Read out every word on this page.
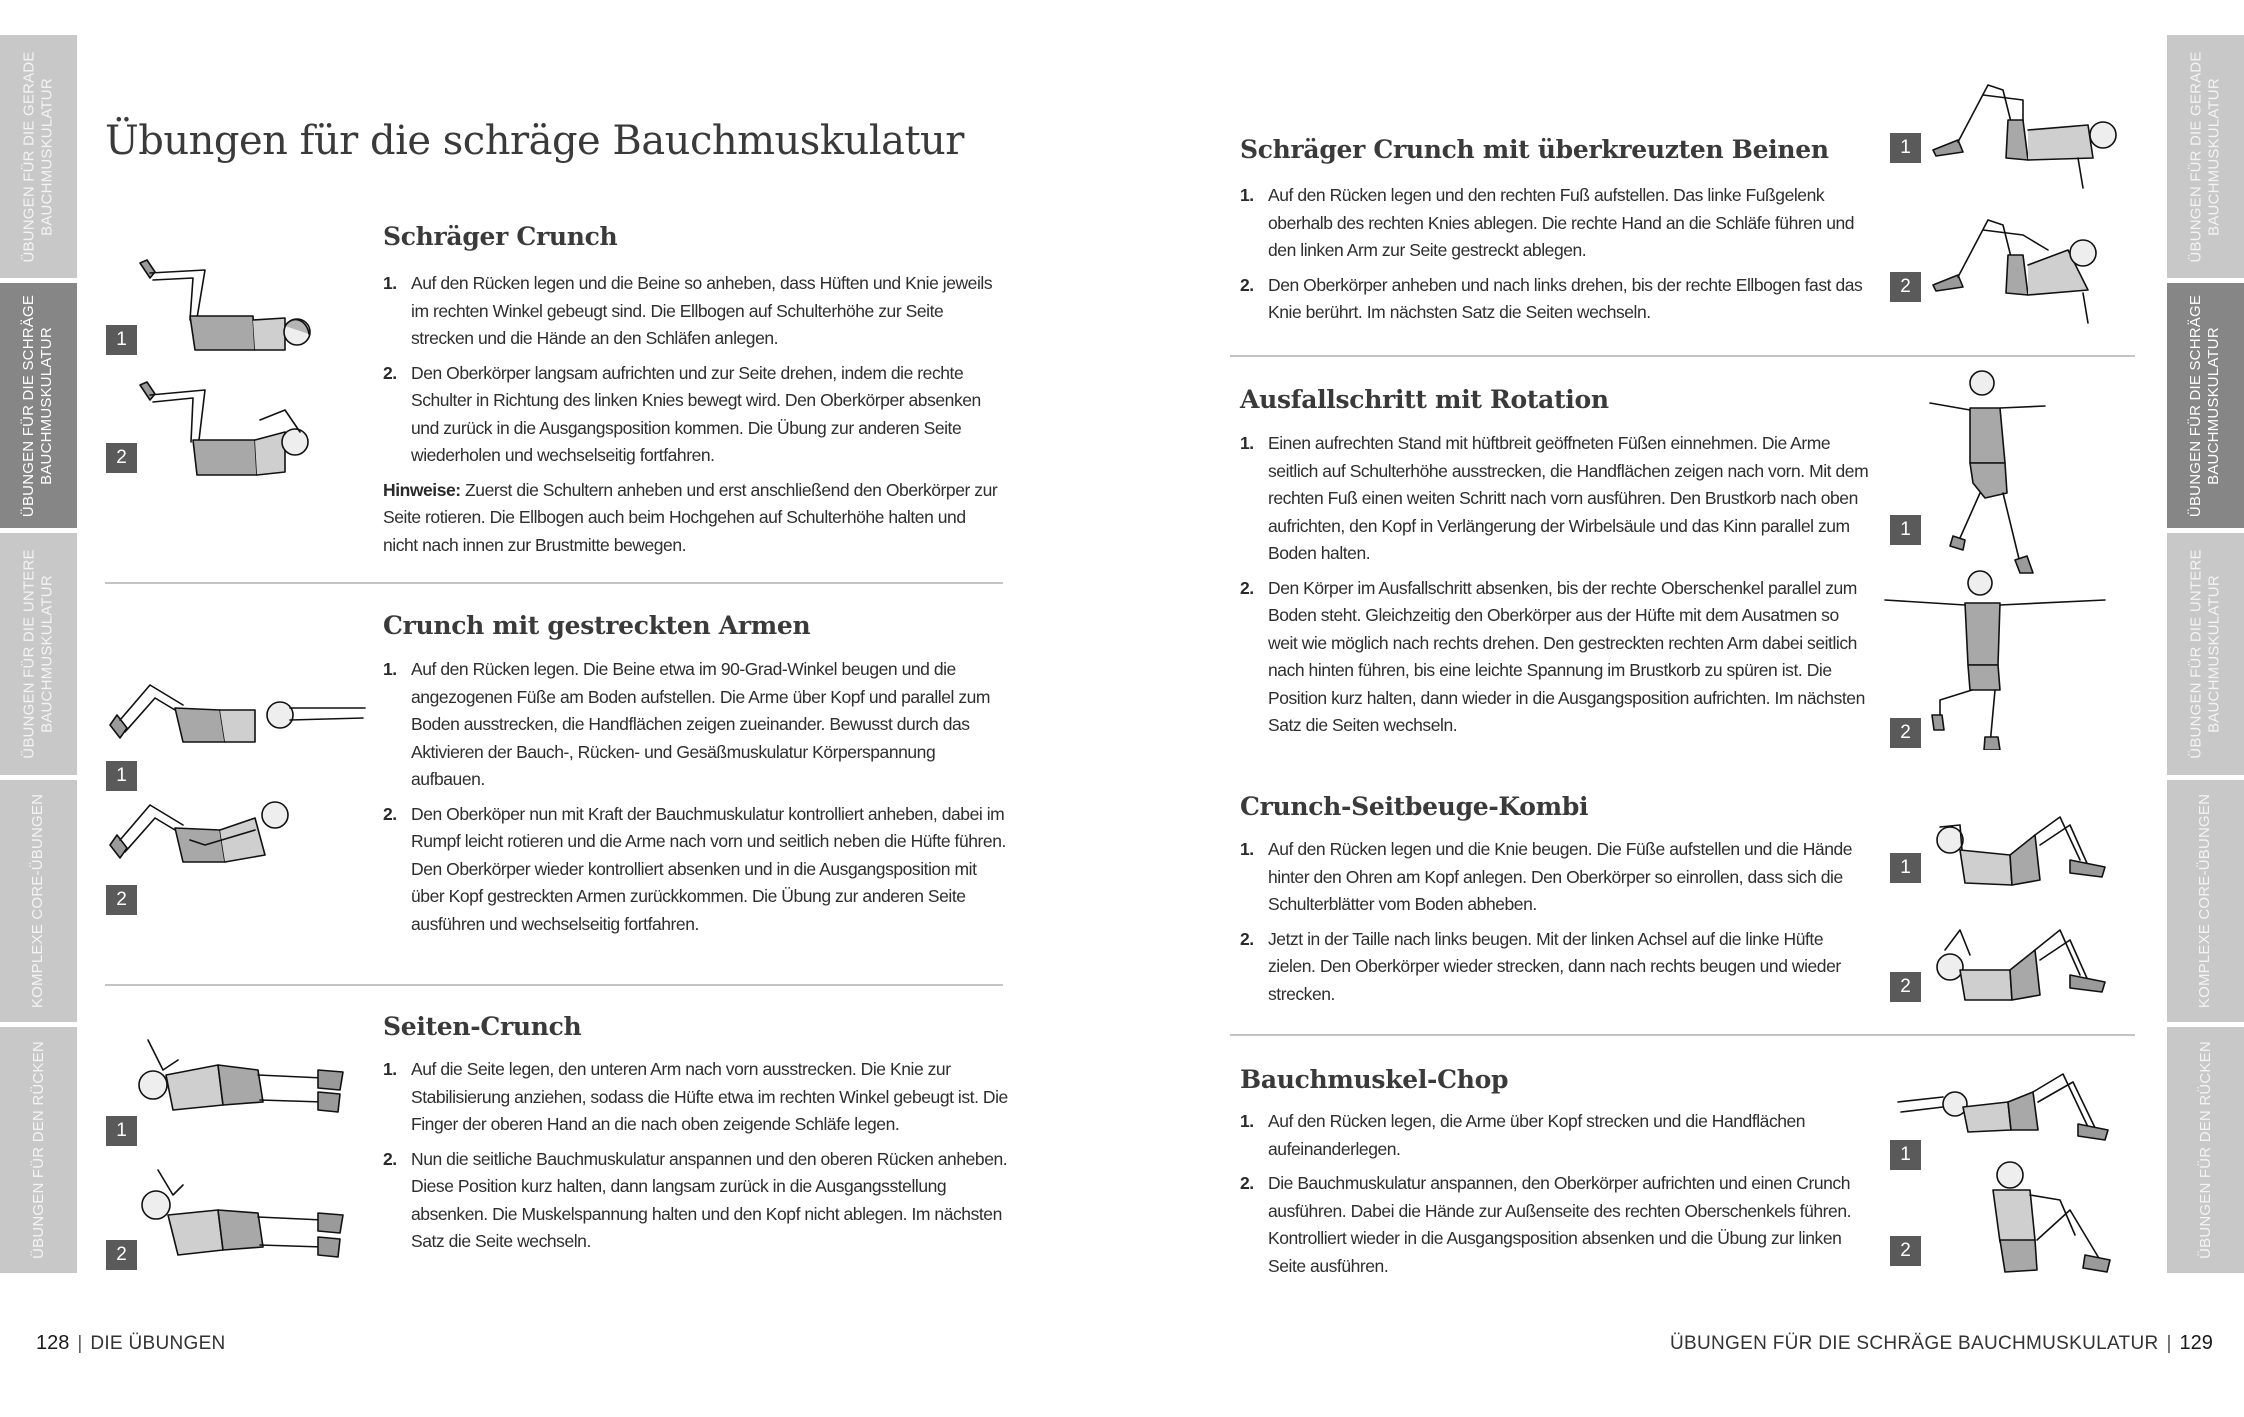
ÜBUNGEN FÜR DIE GERADE BAUCHMUSKULATUR
ÜBUNGEN FÜR DIE SCHRÄGE BAUCHMUSKULATUR
ÜBUNGEN FÜR DIE UNTERE BAUCHMUSKULATUR
KOMPLEXE CORE-ÜBUNGEN
ÜBUNGEN FÜR DEN RÜCKEN
ÜBUNGEN FÜR DIE GERADE BAUCHMUSKULATUR
ÜBUNGEN FÜR DIE SCHRÄGE BAUCHMUSKULATUR
ÜBUNGEN FÜR DIE UNTERE BAUCHMUSKULATUR
KOMPLEXE CORE-ÜBUNGEN
ÜBUNGEN FÜR DEN RÜCKEN
Übungen für die schräge Bauchmuskulatur
Schräger Crunch
1. Auf den Rücken legen und die Beine so anheben, dass Hüften und Knie jeweils im rechten Winkel gebeugt sind. Die Ellbogen auf Schulterhöhe zur Seite strecken und die Hände an den Schläfen anlegen.
2. Den Oberkörper langsam aufrichten und zur Seite drehen, indem die rechte Schulter in Richtung des linken Knies bewegt wird. Den Oberkörper absenken und zurück in die Ausgangsposition kommen. Die Übung zur anderen Seite wiederholen und wechselseitig fortfahren.
Hinweise: Zuerst die Schultern anheben und erst anschließend den Oberkörper zur Seite rotieren. Die Ellbogen auch beim Hochgehen auf Schulterhöhe halten und nicht nach innen zur Brustmitte bewegen.
1
2
Crunch mit gestreckten Armen
1. Auf den Rücken legen. Die Beine etwa im 90-Grad-Winkel beugen und die angezogenen Füße am Boden aufstellen. Die Arme über Kopf und parallel zum Boden ausstrecken, die Handflächen zeigen zueinander. Bewusst durch das Aktivieren der Bauch-, Rücken- und Gesäßmuskulatur Körperspannung aufbauen.
2. Den Oberköper nun mit Kraft der Bauchmuskulatur kontrolliert anheben, dabei im Rumpf leicht rotieren und die Arme nach vorn und seitlich neben die Hüfte führen. Den Oberkörper wieder kontrolliert absenken und in die Ausgangsposition mit über Kopf gestreckten Armen zurückkommen. Die Übung zur anderen Seite ausführen und wechselseitig fortfahren.
1
2
Seiten-Crunch
1. Auf die Seite legen, den unteren Arm nach vorn ausstrecken. Die Knie zur Stabilisierung anziehen, sodass die Hüfte etwa im rechten Winkel gebeugt ist. Die Finger der oberen Hand an die nach oben zeigende Schläfe legen.
2. Nun die seitliche Bauchmuskulatur anspannen und den oberen Rücken anheben. Diese Position kurz halten, dann langsam zurück in die Ausgangsstellung absenken. Die Muskelspannung halten und den Kopf nicht ablegen. Im nächsten Satz die Seite wechseln.
1
2
128 | DIE ÜBUNGEN
Schräger Crunch mit überkreuzten Beinen
1. Auf den Rücken legen und den rechten Fuß aufstellen. Das linke Fußgelenk oberhalb des rechten Knies ablegen. Die rechte Hand an die Schläfe führen und den linken Arm zur Seite gestreckt ablegen.
2. Den Oberkörper anheben und nach links drehen, bis der rechte Ellbogen fast das Knie berührt. Im nächsten Satz die Seiten wechseln.
1
2
Ausfallschritt mit Rotation
1. Einen aufrechten Stand mit hüftbreit geöffneten Füßen einnehmen. Die Arme seitlich auf Schulterhöhe ausstrecken, die Handflächen zeigen nach vorn. Mit dem rechten Fuß einen weiten Schritt nach vorn ausführen. Den Brustkorb nach oben aufrichten, den Kopf in Verlängerung der Wirbelsäule und das Kinn parallel zum Boden halten.
2. Den Körper im Ausfallschritt absenken, bis der rechte Oberschenkel parallel zum Boden steht. Gleichzeitig den Oberkörper aus der Hüfte mit dem Ausatmen so weit wie möglich nach rechts drehen. Den gestreckten rechten Arm dabei seitlich nach hinten führen, bis eine leichte Spannung im Brustkorb zu spüren ist. Die Position kurz halten, dann wieder in die Ausgangsposition aufrichten. Im nächsten Satz die Seiten wechseln.
1
2
Crunch-Seitbeuge-Kombi
1. Auf den Rücken legen und die Knie beugen. Die Füße aufstellen und die Hände hinter den Ohren am Kopf anlegen. Den Oberkörper so einrollen, dass sich die Schulterblätter vom Boden abheben.
2. Jetzt in der Taille nach links beugen. Mit der linken Achsel auf die linke Hüfte zielen. Den Oberkörper wieder strecken, dann nach rechts beugen und wieder strecken.
1
2
Bauchmuskel-Chop
1. Auf den Rücken legen, die Arme über Kopf strecken und die Handflächen aufeinanderlegen.
2. Die Bauchmuskulatur anspannen, den Oberkörper aufrichten und einen Crunch ausführen. Dabei die Hände zur Außenseite des rechten Oberschenkels führen. Kontrolliert wieder in die Ausgangsposition absenken und die Übung zur linken Seite ausführen.
1
2
ÜBUNGEN FÜR DIE SCHRÄGE BAUCHMUSKULATUR | 129
